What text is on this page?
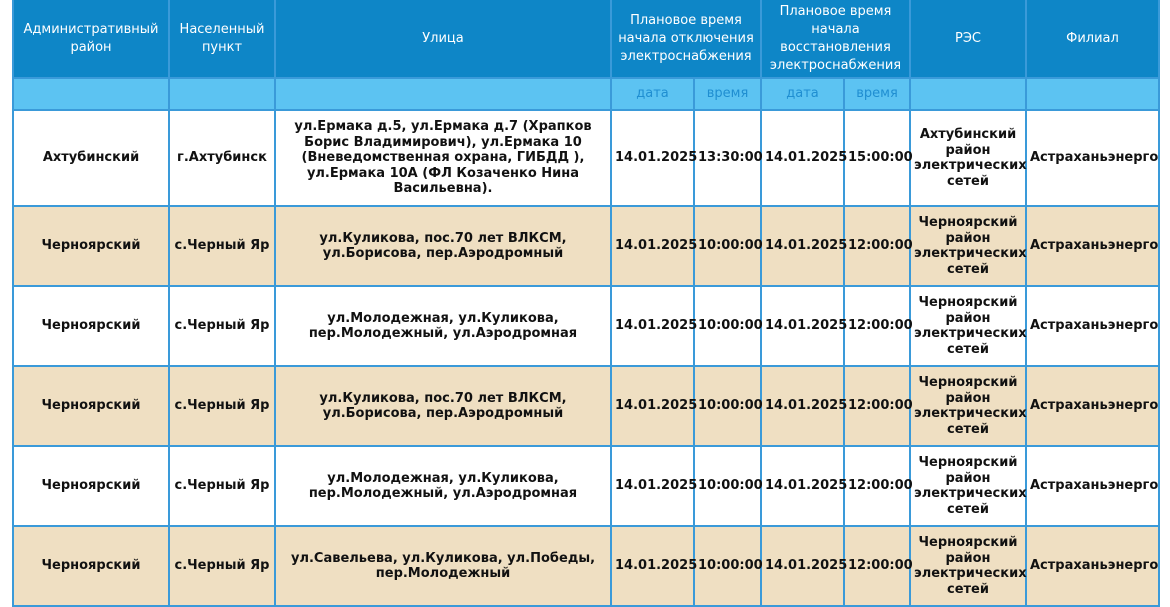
Административный район	Населенный пункт	Улица	Плановое время начала отключения электроснабжения		Плановое время начала восстановления электроснабжения		РЭС	Филиал
			дата	время	дата	время		
Ахтубинский	г.Ахтубинск	ул.Ермака д.5, ул.Ермака д.7 (Храпков Борис Владимирович), ул.Ермака 10 (Вневедомственная охрана, ГИБДД ), ул.Ермака 10А (ФЛ Козаченко Нина Васильевна).	14.01.2025	13:30:00	14.01.2025	15:00:00	Ахтубинский район электрических сетей	Астраханьэнерго
Черноярский	с.Черный Яр	ул.Куликова, пос.70 лет ВЛКСМ, ул.Борисова, пер.Аэродромный	14.01.2025	10:00:00	14.01.2025	12:00:00	Черноярский район электрических сетей	Астраханьэнерго
Черноярский	с.Черный Яр	ул.Молодежная, ул.Куликова, пер.Молодежный, ул.Аэродромная	14.01.2025	10:00:00	14.01.2025	12:00:00	Черноярский район электрических сетей	Астраханьэнерго
Черноярский	с.Черный Яр	ул.Куликова, пос.70 лет ВЛКСМ, ул.Борисова, пер.Аэродромный	14.01.2025	10:00:00	14.01.2025	12:00:00	Черноярский район электрических сетей	Астраханьэнерго
Черноярский	с.Черный Яр	ул.Молодежная, ул.Куликова, пер.Молодежный, ул.Аэродромная	14.01.2025	10:00:00	14.01.2025	12:00:00	Черноярский район электрических сетей	Астраханьэнерго
Черноярский	с.Черный Яр	ул.Савельева, ул.Куликова, ул.Победы, пер.Молодежный	14.01.2025	10:00:00	14.01.2025	12:00:00	Черноярский район электрических сетей	Астраханьэнерго
